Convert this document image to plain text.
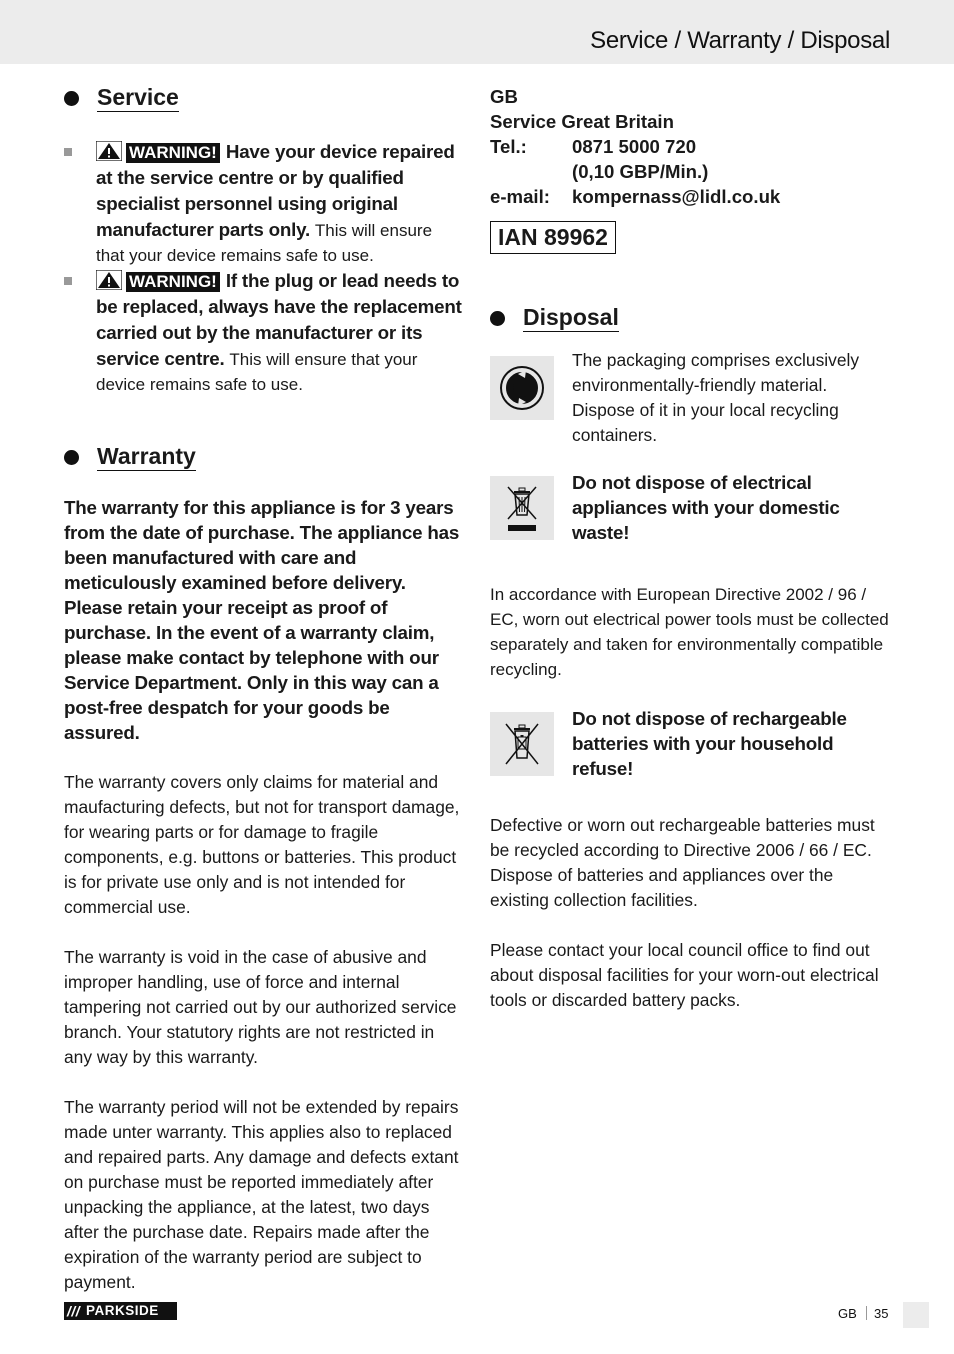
Service / Warranty / Disposal
Service

WARNING! Have your device repaired at the service centre or by qualified specialist personnel using original manufacturer parts only. This will ensure that your device remains safe to use.

WARNING! If the plug or lead needs to be replaced, always have the replacement carried out by the manufacturer or its service centre. This will ensure that your device remains safe to use.

Warranty

The warranty for this appliance is for 3 years from the date of purchase. The appliance has been manufactured with care and meticulously examined before delivery. Please retain your receipt as proof of purchase. In the event of a warranty claim, please make contact by telephone with our Service Department. Only in this way can a post-free despatch for your goods be assured.

The warranty covers only claims for material and maufacturing defects, but not for transport damage, for wearing parts or for damage to fragile components, e.g. buttons or batteries. This product is for private use only and is not intended for commercial use.

The warranty is void in the case of abusive and improper handling, use of force and internal tampering not carried out by our authorized service branch. Your statutory rights are not restricted in any way by this warranty.

The warranty period will not be extended by repairs made unter warranty. This applies also to replaced and repaired parts. Any damage and defects extant on purchase must be reported immediately after unpacking the appliance, at the latest, two days after the purchase date. Repairs made after the expiration of the warranty period are subject to payment.

GB
Service Great Britain
Tel.:	0871 5000 720
(0,10 GBP/Min.)
e-mail:	kompernass@lidl.co.uk
IAN 89962
Disposal

The packaging comprises exclusively environmentally-friendly material. Dispose of it in your local recycling containers.

Do not dispose of electrical appliances with your domestic waste!

In accordance with European Directive 2002 / 96 / EC, worn out electrical power tools must be collected separately and taken for environmentally compatible recycling.

Do not dispose of rechargeable batteries with your household refuse!

Defective or worn out rechargeable batteries must be recycled according to Directive 2006 / 66 / EC. Dispose of batteries and appliances over the existing collection facilities.

Please contact your local council office to find out about disposal facilities for your worn-out electrical tools or discarded battery packs.

/// PARKSIDE	GB 35
